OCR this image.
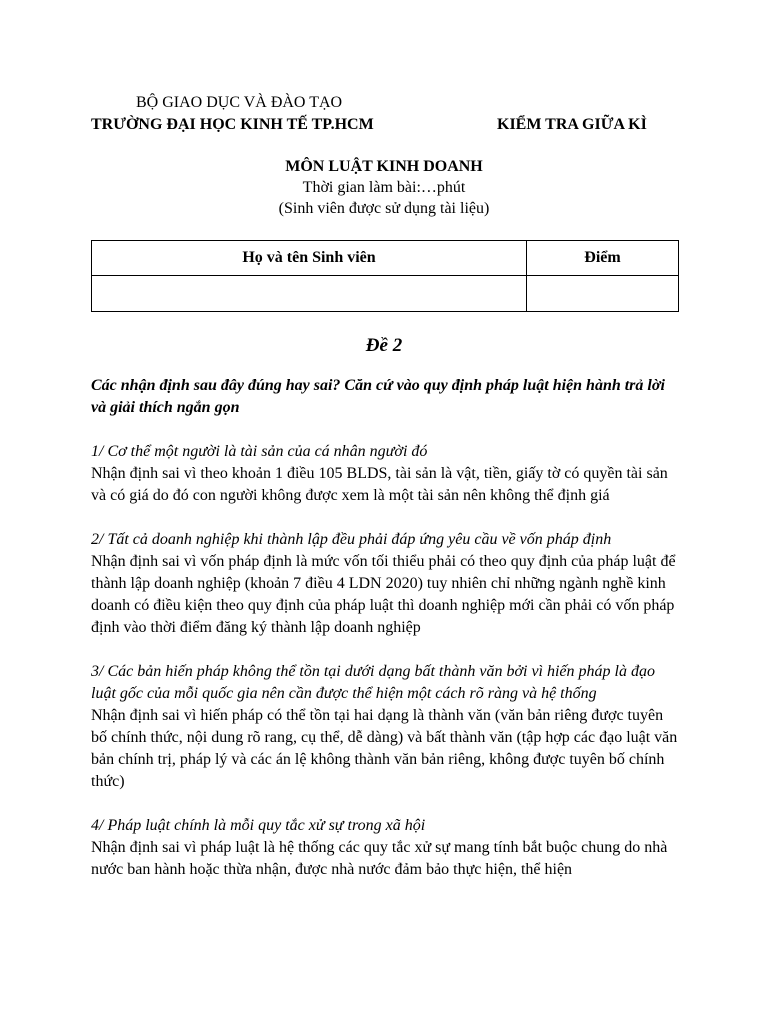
BỘ GIAO DỤC VÀ ĐÀO TẠO
TRƯỜNG ĐẠI HỌC KINH TẾ TP.HCM	KIỂM TRA GIỮA KÌ
MÔN LUẬT KINH DOANH
Thời gian làm bài:…phút
(Sinh viên được sử dụng tài liệu)
Họ và tên Sinh viên	Điểm

Đề 2

Các nhận định sau đây đúng hay sai? Căn cứ vào quy định pháp luật hiện hành trả lời và giải thích ngắn gọn

1/ Cơ thể một người là tài sản của cá nhân người đó

Nhận định sai vì theo khoản 1 điều 105 BLDS, tài sản là vật, tiền, giấy tờ có quyền tài sản và có giá do đó con người không được xem là một tài sản nên không thể định giá

2/ Tất cả doanh nghiệp khi thành lập đều phải đáp ứng yêu cầu về vốn pháp định

Nhận định sai vì vốn pháp định là mức vốn tối thiểu phải có theo quy định của pháp luật để thành lập doanh nghiệp (khoản 7 điều 4 LDN 2020) tuy nhiên chỉ những ngành nghề kinh doanh có điều kiện theo quy định của pháp luật thì doanh nghiệp mới cần phải có vốn pháp định vào thời điểm đăng ký thành lập doanh nghiệp

3/ Các bản hiến pháp không thể tồn tại dưới dạng bất thành văn bởi vì hiến pháp là đạo luật gốc của mỗi quốc gia nên cần được thể hiện một cách rõ ràng và hệ thống

Nhận định sai vì hiến pháp có thể tồn tại hai dạng là thành văn (văn bản riêng được tuyên bố chính thức, nội dung rõ rang, cụ thể, dễ dàng) và bất thành văn (tập hợp các đạo luật văn bản chính trị, pháp lý và các án lệ không thành văn bản riêng, không được tuyên bố chính thức)

4/ Pháp luật chính là mỗi quy tắc xử sự trong xã hội

Nhận định sai vì pháp luật là hệ thống các quy tắc xử sự mang tính bắt buộc chung do nhà nước ban hành hoặc thừa nhận, được nhà nước đảm bảo thực hiện, thể hiện
